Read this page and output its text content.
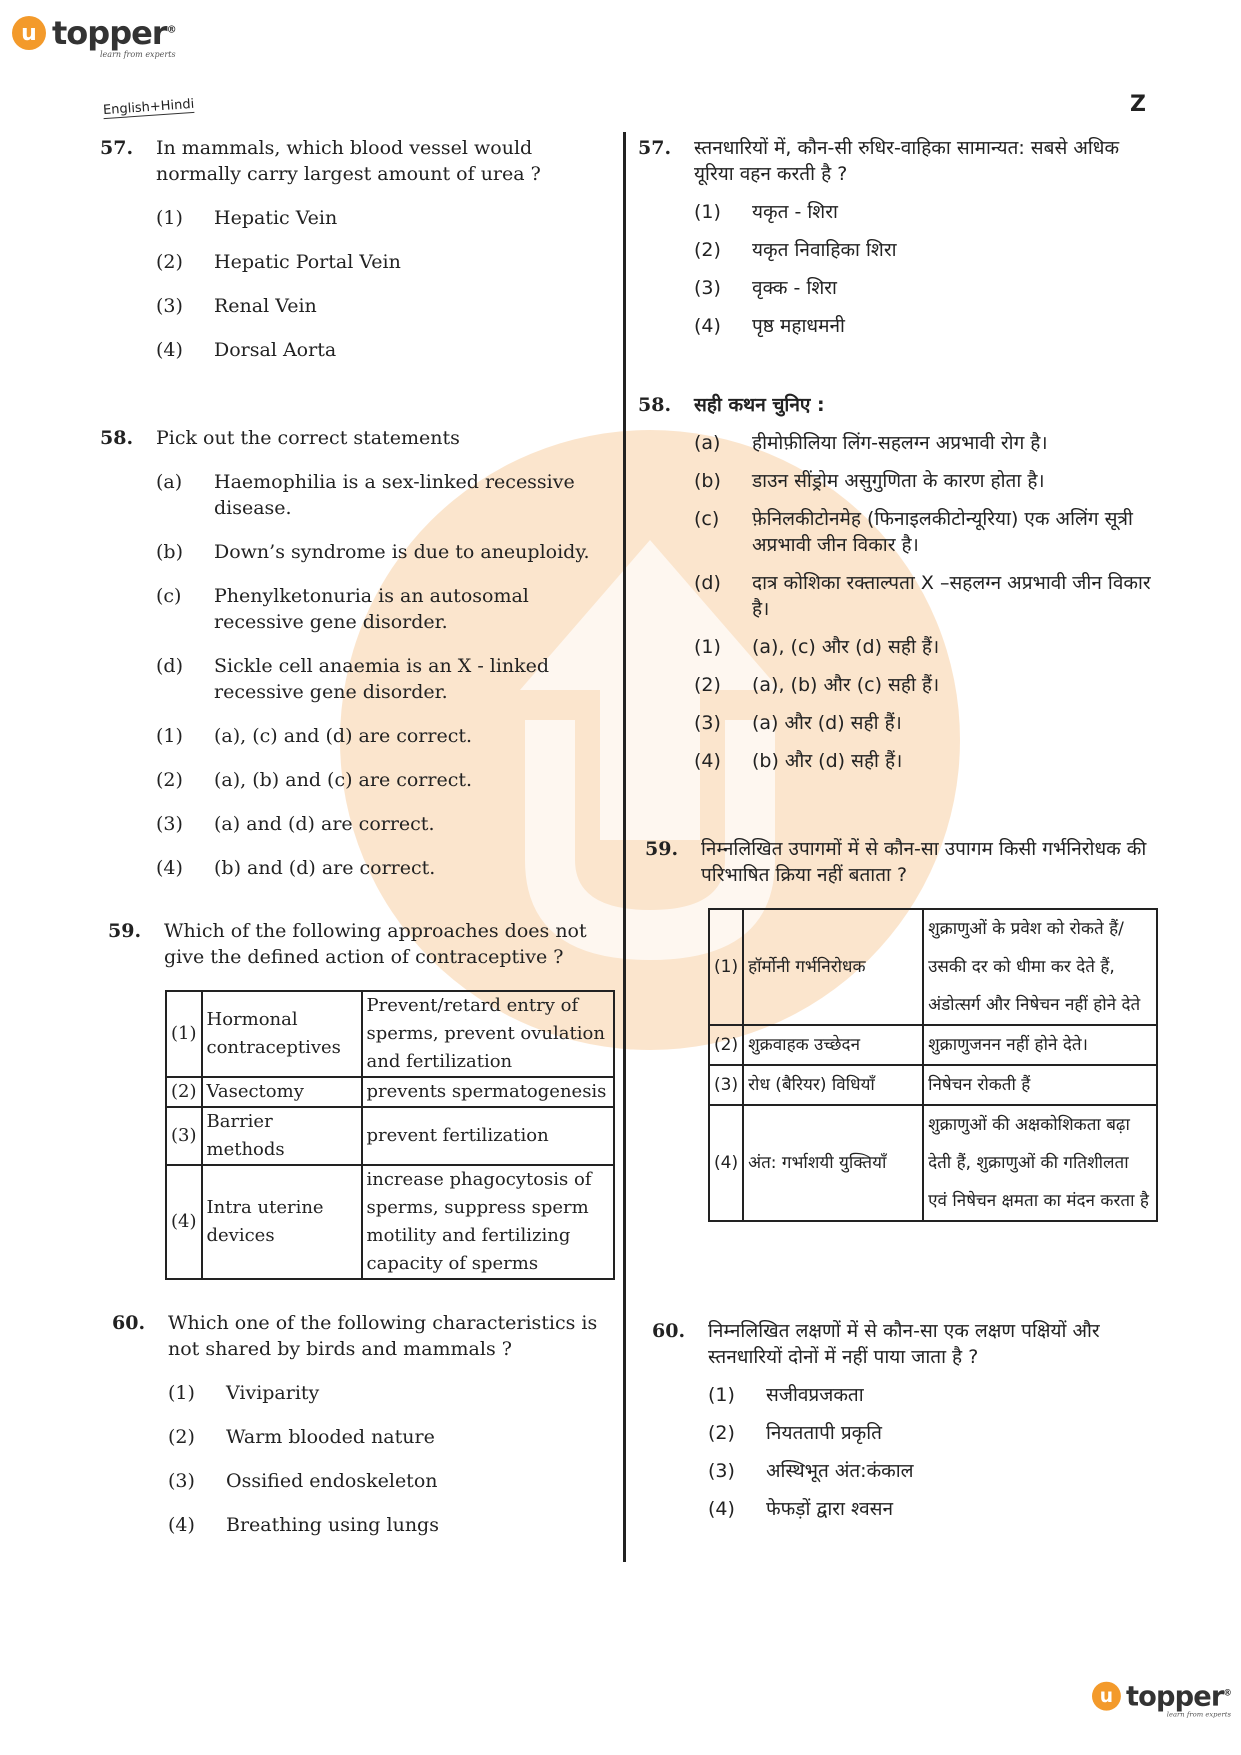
u topper®
learn from experts
u topper®
learn from experts
English+Hindi	Z
57. In mammals, which blood vessel would normally carry largest amount of urea ?
(1)	Hepatic Vein
(2)	Hepatic Portal Vein
(3)	Renal Vein
(4)	Dorsal Aorta
58. Pick out the correct statements
(a)	Haemophilia is a sex-linked recessive disease.
(b)	Down’s syndrome is due to aneuploidy.
(c)	Phenylketonuria is an autosomal recessive gene disorder.
(d)	Sickle cell anaemia is an X - linked recessive gene disorder.
(1)	(a), (c) and (d) are correct.
(2)	(a), (b) and (c) are correct.
(3)	(a) and (d) are correct.
(4)	(b) and (d) are correct.
59. Which of the following approaches does not give the defined action of contraceptive ?
(1)	Hormonal contraceptives	Prevent/retard entry of sperms, prevent ovulation and fertilization
(2)	Vasectomy	prevents spermatogenesis
(3)	Barrier methods	prevent fertilization
(4)	Intra uterine devices	increase phagocytosis of sperms, suppress sperm motility and fertilizing capacity of sperms
60. Which one of the following characteristics is not shared by birds and mammals ?
(1)	Viviparity
(2)	Warm blooded nature
(3)	Ossified endoskeleton
(4)	Breathing using lungs
57. स्तनधारियों में, कौन-सी रुधिर-वाहिका सामान्यत: सबसे अधिक यूरिया वहन करती है ?
(1)	यकृत - शिरा
(2)	यकृत निवाहिका शिरा
(3)	वृक्क - शिरा
(4)	पृष्ठ महाधमनी
58. सही कथन चुनिए :
(a)	हीमोफ़ीलिया लिंग-सहलग्न अप्रभावी रोग है।
(b)	डाउन सींड्रोम असुगुणिता के कारण होता है।
(c)	फ़ेनिलकीटोनमेह (फिनाइलकीटोन्यूरिया) एक अलिंग सूत्री अप्रभावी जीन विकार है।
(d)	दात्र कोशिका रक्ताल्पता X –सहलग्न अप्रभावी जीन विकार है।
(1)	(a), (c) और (d) सही हैं।
(2)	(a), (b) और (c) सही हैं।
(3)	(a) और (d) सही हैं।
(4)	(b) और (d) सही हैं।
59. निम्नलिखित उपागमों में से कौन-सा उपागम किसी गर्भनिरोधक की परिभाषित क्रिया नहीं बताता ?
(1)	हॉर्मोनी गर्भनिरोधक	शुक्राणुओं के प्रवेश को रोकते हैं/उसकी दर को धीमा कर देते हैं, अंडोत्सर्ग और निषेचन नहीं होने देते
(2)	शुक्रवाहक उच्छेदन	शुक्राणुजनन नहीं होने देते।
(3)	रोध (बैरियर) विधियाँ	निषेचन रोकती हैं
(4)	अंत: गर्भाशयी युक्तियाँ	शुक्राणुओं की अक्षकोशिकता बढ़ा देती हैं, शुक्राणुओं की गतिशीलता एवं निषेचन क्षमता का मंदन करता है
60. निम्नलिखित लक्षणों में से कौन-सा एक लक्षण पक्षियों और स्तनधारियों दोनों में नहीं पाया जाता है ?
(1)	सजीवप्रजकता
(2)	नियततापी प्रकृति
(3)	अस्थिभूत अंत:कंकाल
(4)	फेफड़ों द्वारा श्वसन
